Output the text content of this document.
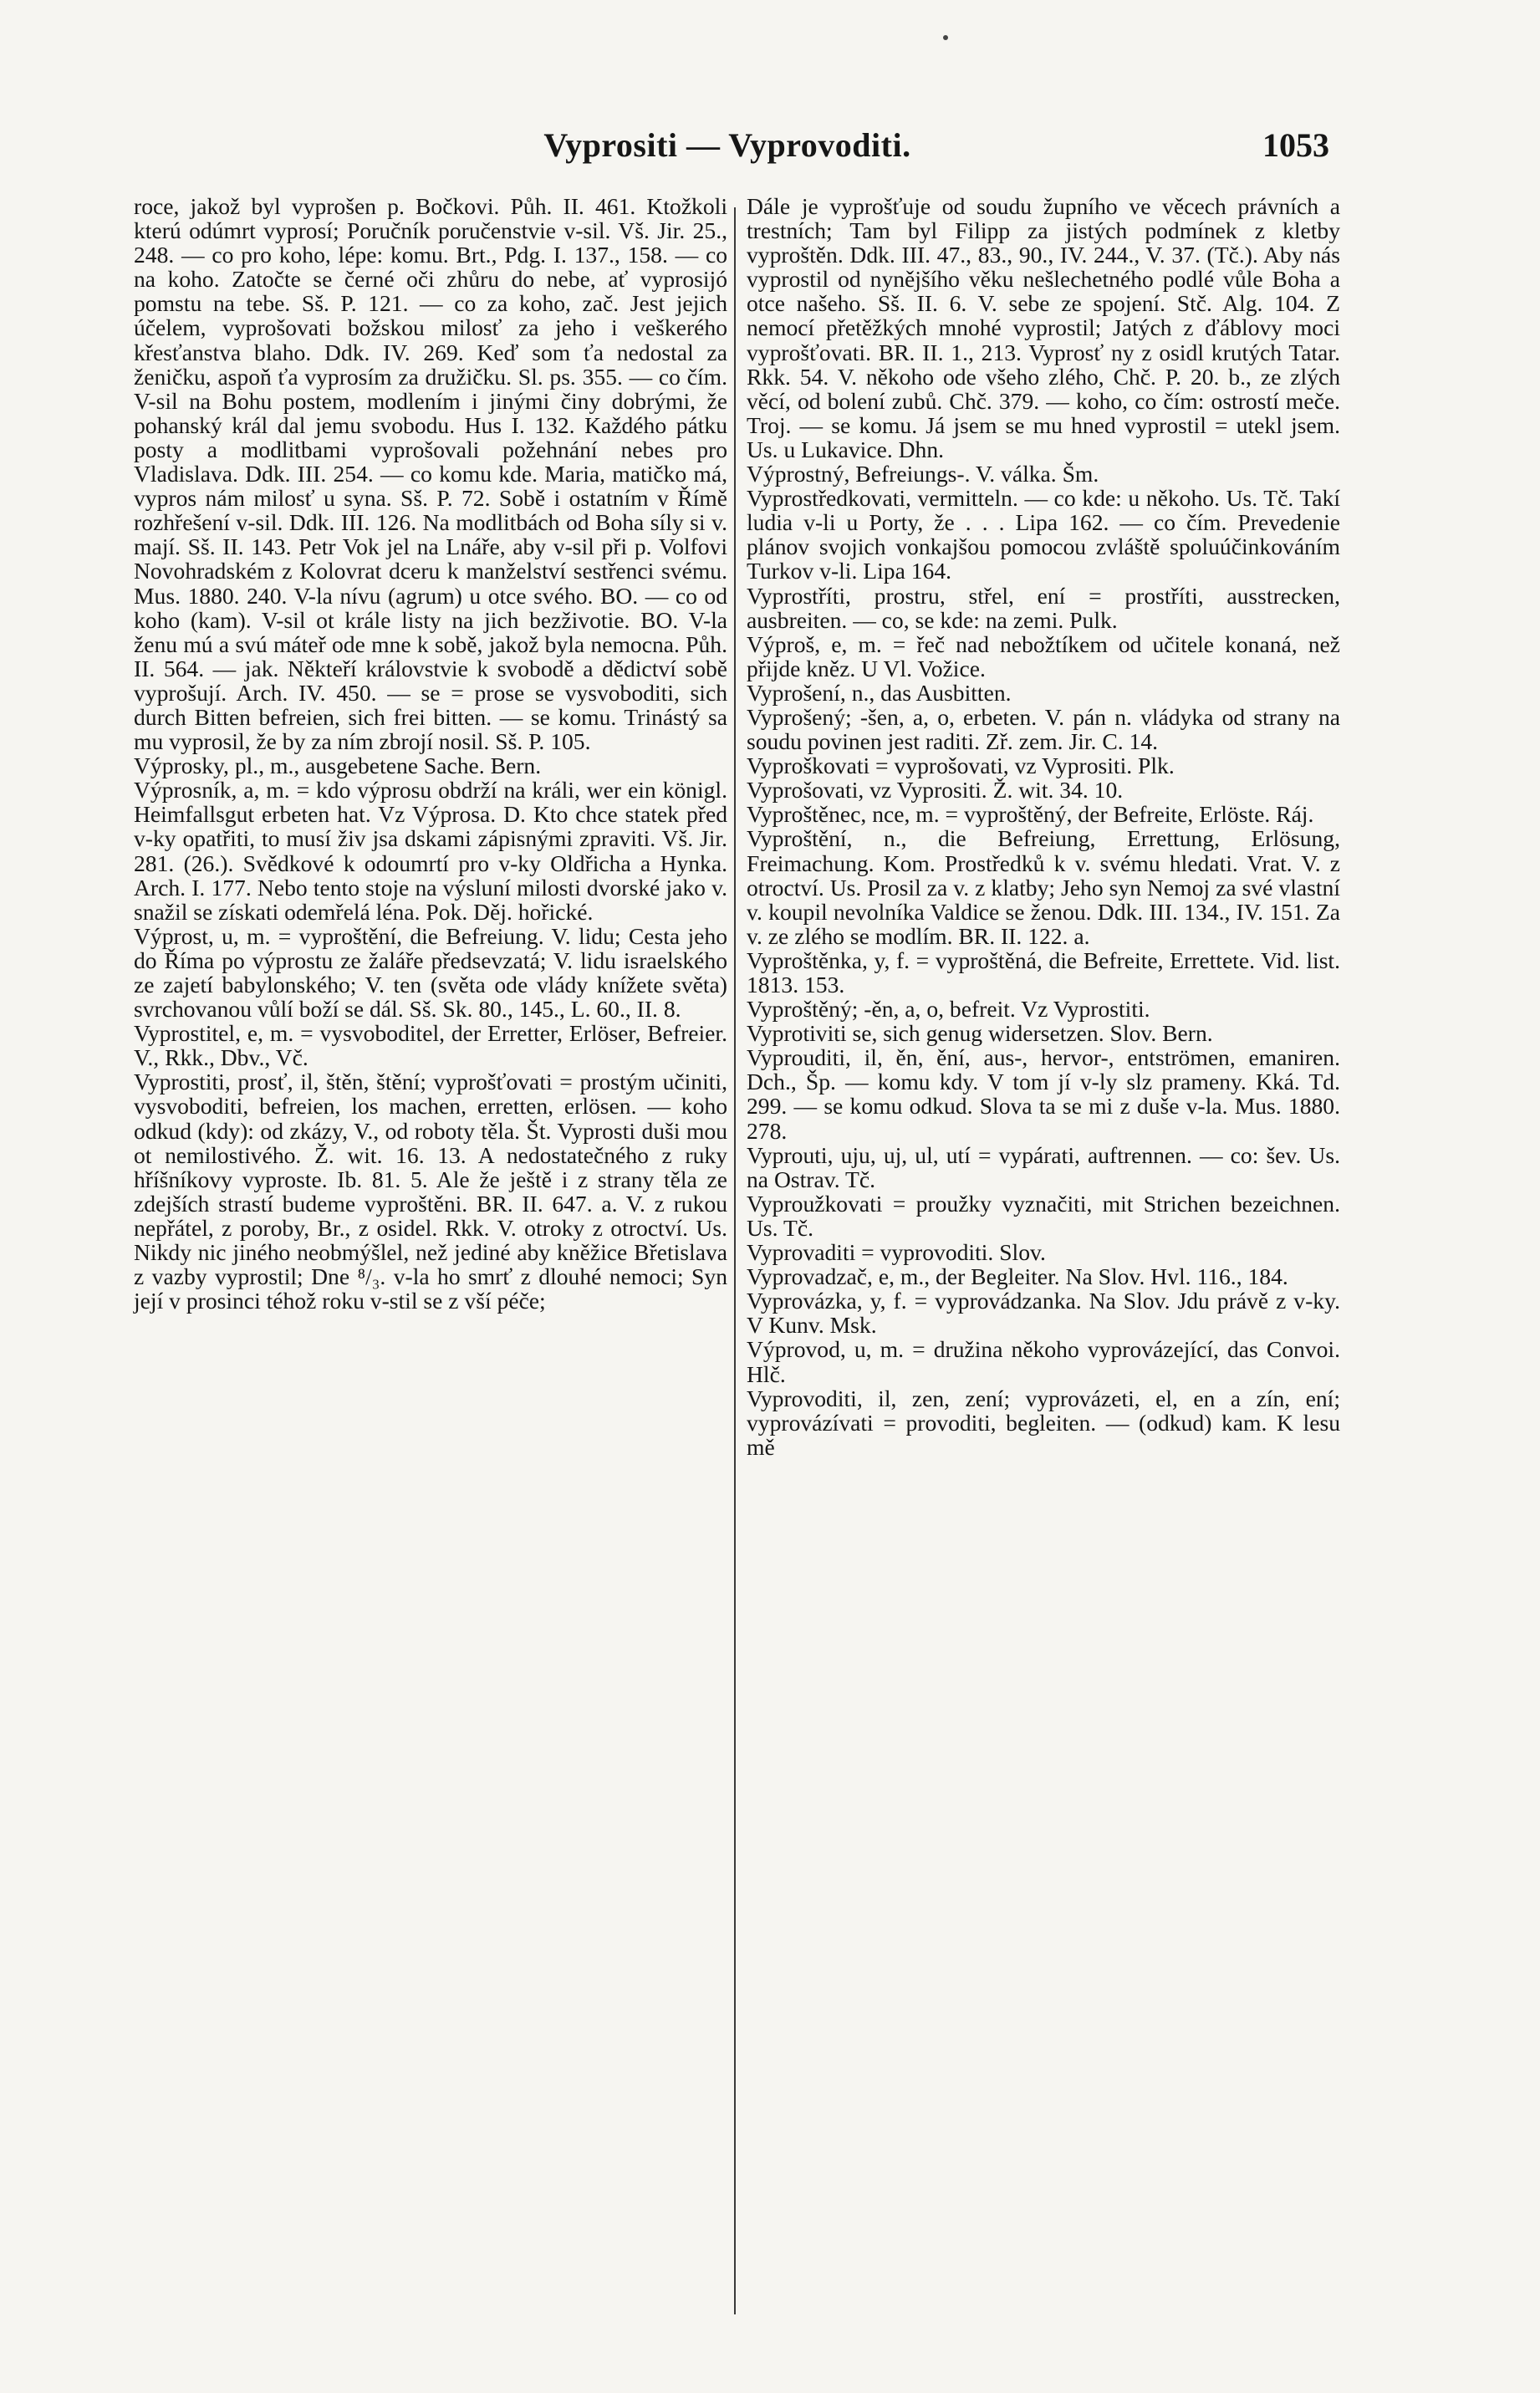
Vyprositi — Vyprovoditi.	1053

roce, jakož byl vyprošen p. Bočkovi. Půh. II. 461. Ktožkoli kterú odúmrt vyprosí; Poručník poručenstvie v-sil. Vš. Jir. 25., 248. — co pro koho, lépe: komu. Brt., Pdg. I. 137., 158. — co na koho. Zatočte se černé oči zhůru do nebe, ať vyprosijó pomstu na tebe. Sš. P. 121. — co za koho, zač. Jest jejich účelem, vyprošovati božskou milosť za jeho i veškerého křesťanstva blaho. Ddk. IV. 269. Keď som ťa nedostal za ženičku, aspoň ťa vyprosím za družičku. Sl. ps. 355. — co čím. V-sil na Bohu postem, modlením i jinými činy dobrými, že pohanský král dal jemu svobodu. Hus I. 132. Každého pátku posty a modlitbami vyprošovali požehnání nebes pro Vladislava. Ddk. III. 254. — co komu kde. Maria, matičko má, vypros nám milosť u syna. Sš. P. 72. Sobě i ostatním v Římě rozhřešení v-sil. Ddk. III. 126. Na modlitbách od Boha síly si v. mají. Sš. II. 143. Petr Vok jel na Lnáře, aby v-sil při p. Volfovi Novohradském z Kolovrat dceru k manželství sestřenci svému. Mus. 1880. 240. V-la nívu (agrum) u otce svého. BO. — co od koho (kam). V-sil ot krále listy na jich bezživotie. BO. V-la ženu mú a svú máteř ode mne k sobě, jakož byla nemocna. Půh. II. 564. — jak. Někteří královstvie k svobodě a dědictví sobě vyprošují. Arch. IV. 450. — se = prose se vysvoboditi, sich durch Bitten befreien, sich frei bitten. — se komu. Trinástý sa mu vyprosil, že by za ním zbrojí nosil. Sš. P. 105.

Výprosky, pl., m., ausgebetene Sache. Bern.

Výprosník, a, m. = kdo výprosu obdrží na králi, wer ein königl. Heimfallsgut erbeten hat. Vz Výprosa. D. Kto chce statek před v-ky opatřiti, to musí živ jsa dskami zápisnými zpraviti. Vš. Jir. 281. (26.). Svědkové k odoumrtí pro v-ky Oldřicha a Hynka. Arch. I. 177. Nebo tento stoje na výsluní milosti dvorské jako v. snažil se získati odemřelá léna. Pok. Děj. hořické.

Výprost, u, m. = vyproštění, die Befreiung. V. lidu; Cesta jeho do Říma po výprostu ze žaláře předsevzatá; V. lidu israelského ze zajetí babylonského; V. ten (světa ode vlády knížete světa) svrchovanou vůlí boží se dál. Sš. Sk. 80., 145., L. 60., II. 8.

Vyprostitel, e, m. = vysvoboditel, der Erretter, Erlöser, Befreier. V., Rkk., Dbv., Vč.

Vyprostiti, prosť, il, štěn, štění; vyprošťovati = prostým učiniti, vysvoboditi, befreien, los machen, erretten, erlösen. — koho odkud (kdy): od zkázy, V., od roboty těla. Št. Vyprosti duši mou ot nemilostivého. Ž. wit. 16. 13. A nedostatečného z ruky hříšníkovy vyproste. Ib. 81. 5. Ale že ještě i z strany těla ze zdejších strastí budeme vyproštěni. BR. II. 647. a. V. z rukou nepřátel, z poroby, Br., z osidel. Rkk. V. otroky z otroctví. Us. Nikdy nic jiného neobmýšlel, než jediné aby kněžice Břetislava z vazby vyprostil; Dne ⁸/₃. v-la ho smrť z dlouhé nemoci; Syn její v prosinci téhož roku v-stil se z vší péče;

Dále je vyprošťuje od soudu župního ve věcech právních a trestních; Tam byl Filipp za jistých podmínek z kletby vyproštěn. Ddk. III. 47., 83., 90., IV. 244., V. 37. (Tč.). Aby nás vyprostil od nynějšího věku nešlechetného podlé vůle Boha a otce našeho. Sš. II. 6. V. sebe ze spojení. Stč. Alg. 104. Z nemocí přetěžkých mnohé vyprostil; Jatých z ďáblovy moci vyprošťovati. BR. II. 1., 213. Vyprosť ny z osidl krutých Tatar. Rkk. 54. V. někoho ode všeho zlého, Chč. P. 20. b., ze zlých věcí, od bolení zubů. Chč. 379. — koho, co čím: ostrostí meče. Troj. — se komu. Já jsem se mu hned vyprostil = utekl jsem. Us. u Lukavice. Dhn.

Výprostný, Befreiungs-. V. válka. Šm.

Vyprostředkovati, vermitteln. — co kde: u někoho. Us. Tč. Takí ludia v-li u Porty, že . . . Lipa 162. — co čím. Prevedenie plánov svojich vonkajšou pomocou zvláště spoluúčinkováním Turkov v-li. Lipa 164.

Vyprostříti, prostru, střel, ení = prostříti, ausstrecken, ausbreiten. — co, se kde: na zemi. Pulk.

Výproš, e, m. = řeč nad nebožtíkem od učitele konaná, než přijde kněz. U Vl. Vožice.

Vyprošení, n., das Ausbitten.

Vyprošený; -šen, a, o, erbeten. V. pán n. vládyka od strany na soudu povinen jest raditi. Zř. zem. Jir. C. 14.

Vyproškovati = vyprošovati, vz Vyprositi. Plk.

Vyprošovati, vz Vyprositi. Ž. wit. 34. 10.

Vyproštěnec, nce, m. = vyproštěný, der Befreite, Erlöste. Ráj.

Vyproštění, n., die Befreiung, Errettung, Erlösung, Freimachung. Kom. Prostředků k v. svému hledati. Vrat. V. z otroctví. Us. Prosil za v. z klatby; Jeho syn Nemoj za své vlastní v. koupil nevolníka Valdice se ženou. Ddk. III. 134., IV. 151. Za v. ze zlého se modlím. BR. II. 122. a.

Vyproštěnka, y, f. = vyproštěná, die Befreite, Errettete. Vid. list. 1813. 153.

Vyproštěný; -ěn, a, o, befreit. Vz Vyprostiti.

Vyprotiviti se, sich genug widersetzen. Slov. Bern.

Vyprouditi, il, ěn, ění, aus-, hervor-, entströmen, emaniren. Dch., Šp. — komu kdy. V tom jí v-ly slz prameny. Kká. Td. 299. — se komu odkud. Slova ta se mi z duše v-la. Mus. 1880. 278.

Vyprouti, uju, uj, ul, utí = vypárati, auftrennen. — co: šev. Us. na Ostrav. Tč.

Vyproužkovati = proužky vyznačiti, mit Strichen bezeichnen. Us. Tč.

Vyprovaditi = vyprovoditi. Slov.

Vyprovadzač, e, m., der Begleiter. Na Slov. Hvl. 116., 184.

Vyprovázka, y, f. = vyprovádzanka. Na Slov. Jdu právě z v-ky. V Kunv. Msk.

Výprovod, u, m. = družina někoho vyprovázející, das Convoi. Hlč.

Vyprovoditi, il, zen, zení; vyprovázeti, el, en a zín, ení; vyprovázívati = provoditi, begleiten. — (odkud) kam. K lesu mě
